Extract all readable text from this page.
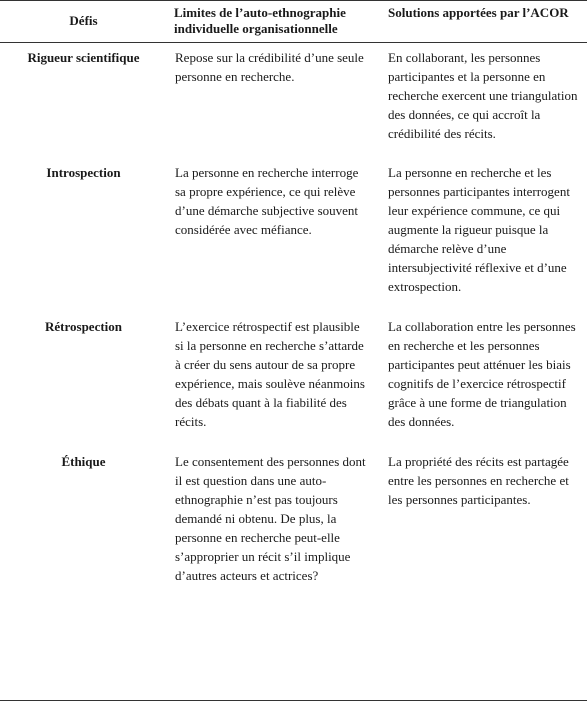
Défis	Limites de l’auto-ethnographie individuelle organisationnelle	Solutions apportées par l’ACOR
Rigueur scientifique	Repose sur la crédibilité d’une seule personne en recherche.	En collaborant, les personnes participantes et la personne en recherche exercent une triangulation des données, ce qui accroît la crédibilité des récits.
Introspection	La personne en recherche interroge sa propre expérience, ce qui relève d’une démarche subjective souvent considérée avec méfiance.	La personne en recherche et les personnes participantes interrogent leur expérience commune, ce qui augmente la rigueur puisque la démarche relève d’une intersubjectivité réflexive et d’une extrospection.
Rétrospection	L’exercice rétrospectif est plausible si la personne en recherche s’attarde à créer du sens autour de sa propre expérience, mais soulève néanmoins des débats quant à la fiabilité des récits.	La collaboration entre les personnes en recherche et les personnes participantes peut atténuer les biais cognitifs de l’exercice rétrospectif grâce à une forme de triangulation des données.
Éthique	Le consentement des personnes dont il est question dans une auto-ethnographie n’est pas toujours demandé ni obtenu. De plus, la personne en recherche peut-elle s’approprier un récit s’il implique d’autres acteurs et actrices?	La propriété des récits est partagée entre les personnes en recherche et les personnes participantes.
